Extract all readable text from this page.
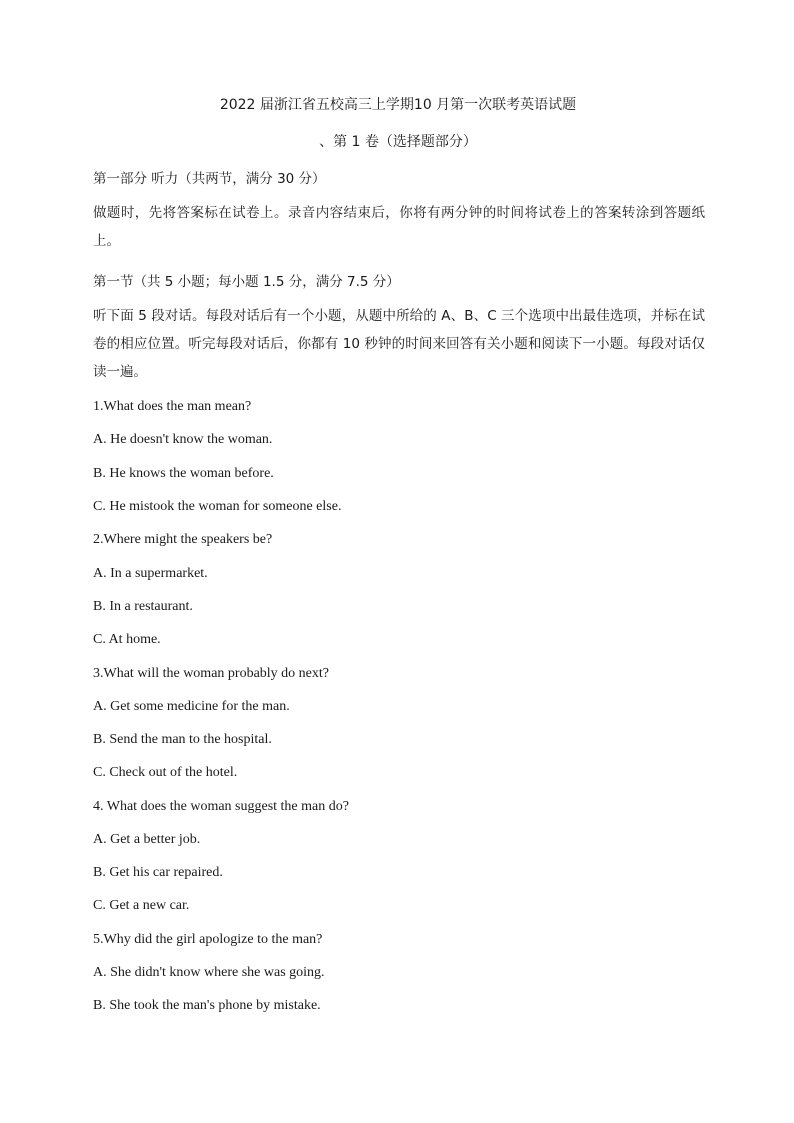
2022 届浙江省五校高三上学期10 月第一次联考英语试题
、第 1 卷（选择题部分）
第一部分 听力（共两节，满分 30 分）
做题时，先将答案标在试卷上。录音内容结束后，你将有两分钟的时间将试卷上的答案转涂到答题纸上。
第一节（共 5 小题；每小题 1.5 分，满分 7.5 分）
听下面 5 段对话。每段对话后有一个小题，从题中所给的 A、B、C 三个选项中出最佳选项，并标在试卷的相应位置。听完每段对话后，你都有 10 秒钟的时间来回答有关小题和阅读下一小题。每段对话仅读一遍。
1.What does the man mean?
A. He doesn't know the woman.
B. He knows the woman before.
C. He mistook the woman for someone else.
2.Where might the speakers be?
A. In a supermarket.
B. In a restaurant.
C. At home.
3.What will the woman probably do next?
A. Get some medicine for the man.
B. Send the man to the hospital.
C. Check out of the hotel.
4. What does the woman suggest the man do?
A. Get a better job.
B. Get his car repaired.
C. Get a new car.
5.Why did the girl apologize to the man?
A. She didn't know where she was going.
B. She took the man's phone by mistake.
